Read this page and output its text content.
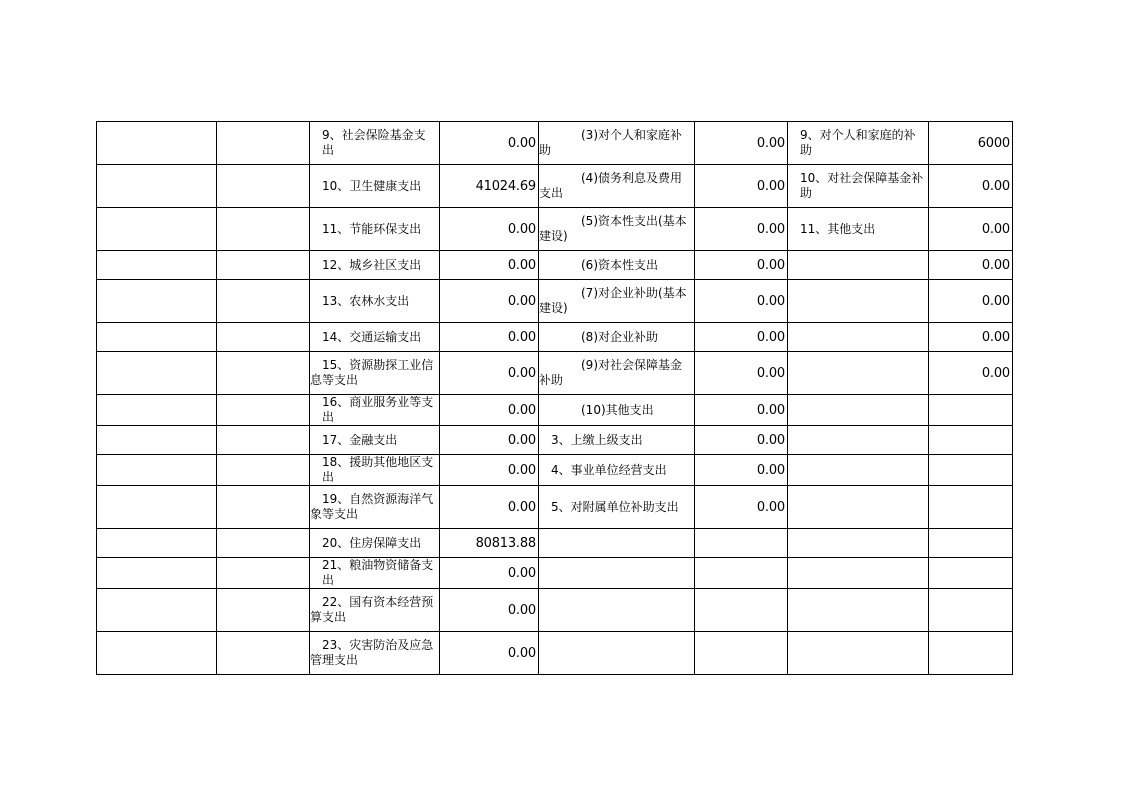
		9、社会保险基金支出	0.00	(3)对个人和家庭补助	0.00	9、对个人和家庭的补助	6000

		10、卫生健康支出	41024.69	(4)债务利息及费用支出	0.00	10、对社会保障基金补助	0.00

		11、节能环保支出	0.00	(5)资本性支出(基本建设)	0.00	11、其他支出	0.00

		12、城乡社区支出	0.00	(6)资本性支出	0.00		0.00

		13、农林水支出	0.00	(7)对企业补助(基本建设)	0.00		0.00

		14、交通运输支出	0.00	(8)对企业补助	0.00		0.00

		15、资源勘探工业信息等支出	0.00	(9)对社会保障基金补助	0.00		0.00

		16、商业服务业等支出	0.00	(10)其他支出	0.00	

		17、金融支出	0.00	3、上缴上级支出	0.00	

		18、援助其他地区支出	0.00	4、事业单位经营支出	0.00	

		19、自然资源海洋气象等支出	0.00	5、对附属单位补助支出	0.00	

		20、住房保障支出	80813.88	

		21、粮油物资储备支出	0.00	

		22、国有资本经营预算支出	0.00	

		23、灾害防治及应急管理支出	0.00	
